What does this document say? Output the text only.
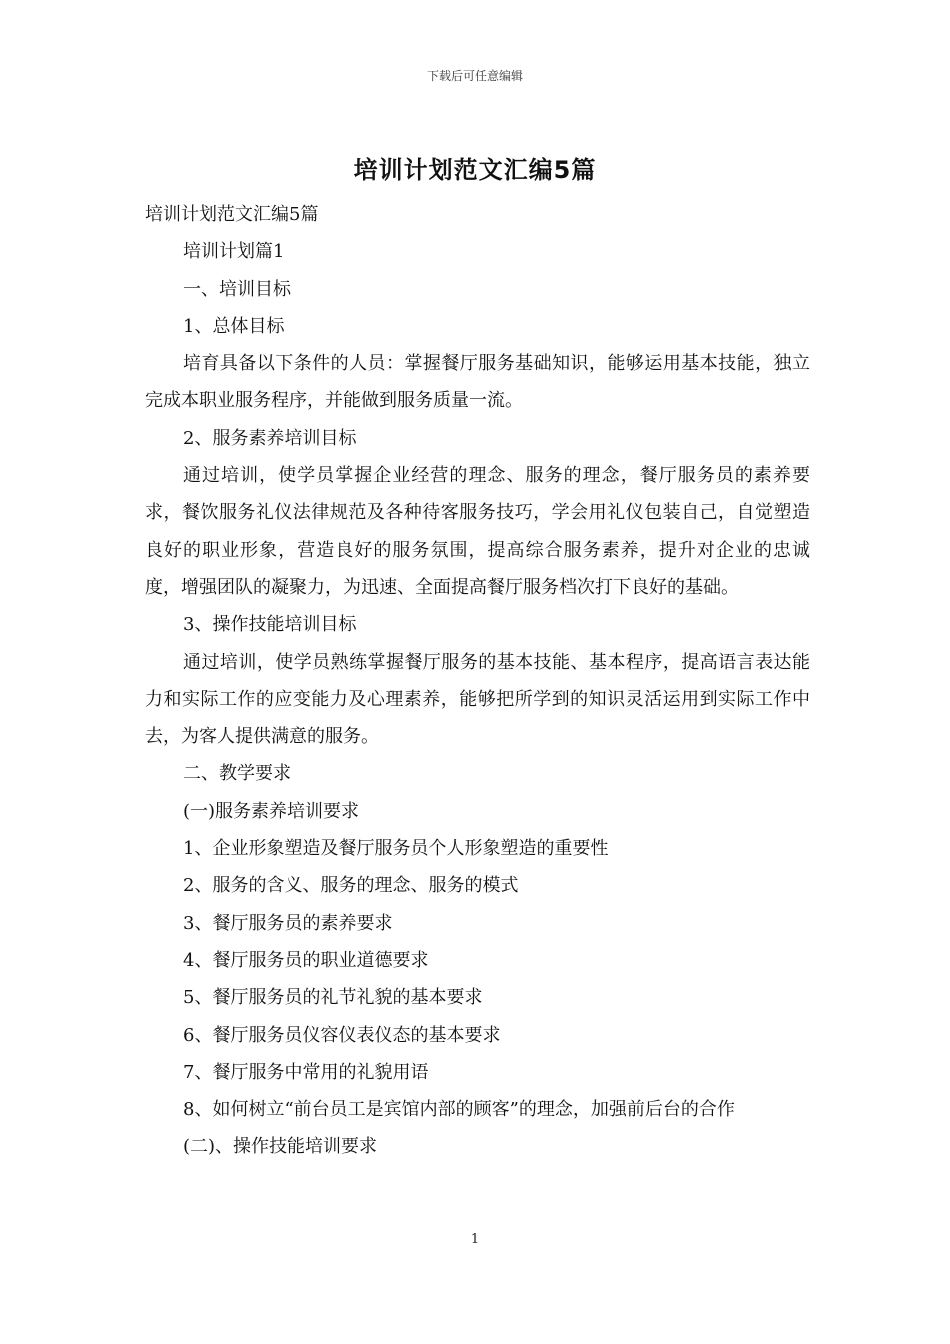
下载后可任意编辑
培训计划范文汇编5篇

培训计划范文汇编5篇

培训计划篇1

一、培训目标

1、总体目标

培育具备以下条件的人员：掌握餐厅服务基础知识，能够运用基本技能，独立完成本职业服务程序，并能做到服务质量一流。

2、服务素养培训目标

通过培训，使学员掌握企业经营的理念、服务的理念，餐厅服务员的素养要求，餐饮服务礼仪法律规范及各种待客服务技巧，学会用礼仪包装自己，自觉塑造良好的职业形象，营造良好的服务氛围，提高综合服务素养，提升对企业的忠诚度，增强团队的凝聚力，为迅速、全面提高餐厅服务档次打下良好的基础。

3、操作技能培训目标

通过培训，使学员熟练掌握餐厅服务的基本技能、基本程序，提高语言表达能力和实际工作的应变能力及心理素养，能够把所学到的知识灵活运用到实际工作中去，为客人提供满意的服务。

二、教学要求

(一)服务素养培训要求

1、企业形象塑造及餐厅服务员个人形象塑造的重要性

2、服务的含义、服务的理念、服务的模式

3、餐厅服务员的素养要求

4、餐厅服务员的职业道德要求

5、餐厅服务员的礼节礼貌的基本要求

6、餐厅服务员仪容仪表仪态的基本要求

7、餐厅服务中常用的礼貌用语

8、如何树立“前台员工是宾馆内部的顾客”的理念，加强前后台的合作

(二)、操作技能培训要求

1
